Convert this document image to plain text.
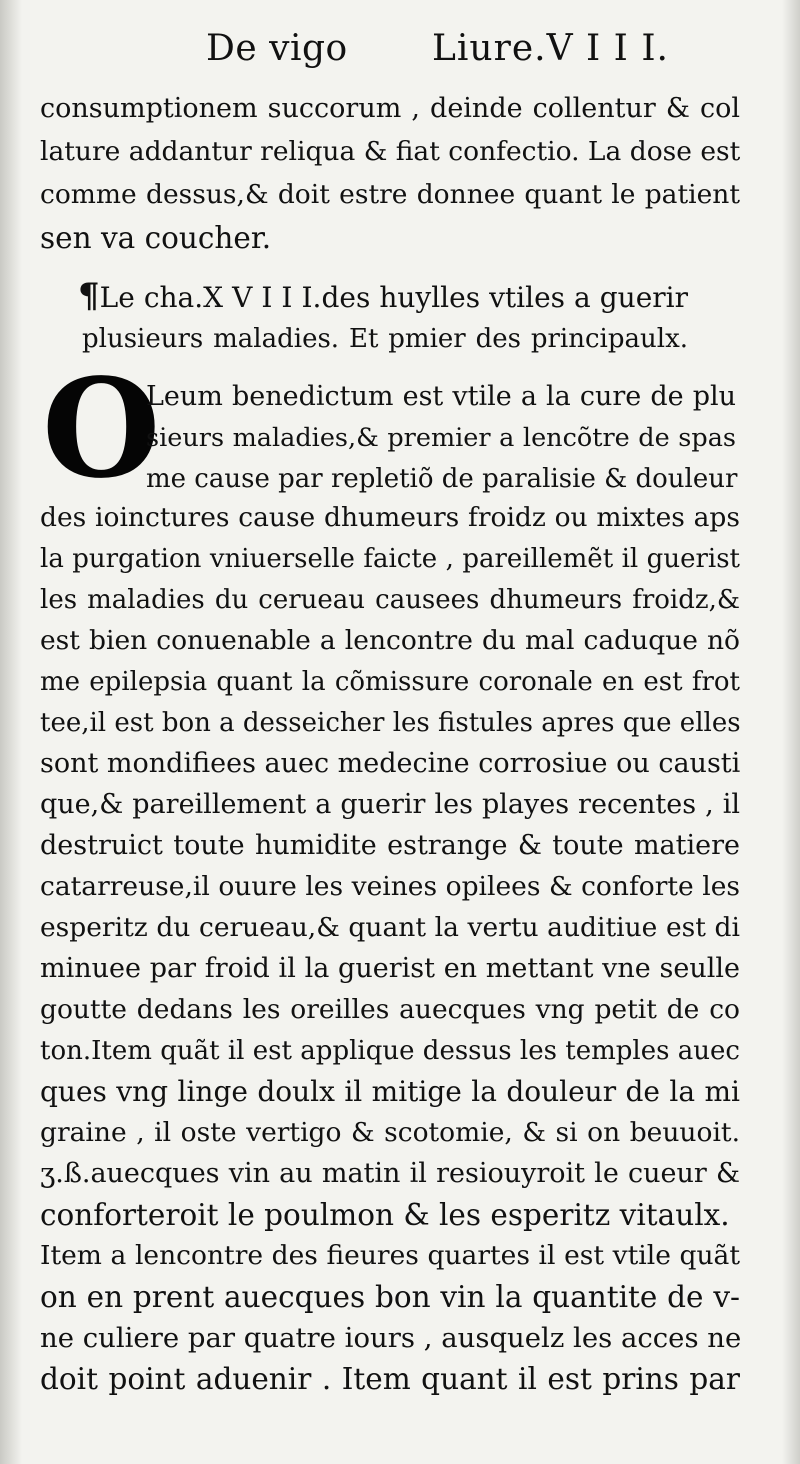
De vigo Liure.V I I I.
consumptionem succorum , deinde collentur & col
lature addantur reliqua & fiat confectio. La dose est
comme dessus,& doit estre donnee quant le patient
sen va coucher.
¶Le cha.X V I I I.des huylles vtiles a guerir
plusieurs maladies. Et pmier des principaulx.
O
Leum benedictum est vtile a la cure de plu
sieurs maladies,& premier a lencõtre de spas
me cause par repletiõ de paralisie & douleur
des ioinctures cause dhumeurs froidz ou mixtes aps
la purgation vniuerselle faicte , pareillemẽt il guerist
les maladies du cerueau causees dhumeurs froidz,&
est bien conuenable a lencontre du mal caduque nõ
me epilepsia quant la cõmissure coronale en est frot
tee,il est bon a desseicher les fistules apres que elles
sont mondifiees auec medecine corrosiue ou causti
que,& pareillement a guerir les playes recentes , il
destruict toute humidite estrange & toute matiere
catarreuse,il ouure les veines opilees & conforte les
esperitz du cerueau,& quant la vertu auditiue est di
minuee par froid il la guerist en mettant vne seulle
goutte dedans les oreilles auecques vng petit de co
ton.Item quãt il est applique dessus les temples auec
ques vng linge doulx il mitige la douleur de la mi
graine , il oste vertigo & scotomie, & si on beuuoit.
ʒ.ß.auecques vin au matin il resiouyroit le cueur &
conforteroit le poulmon & les esperitz vitaulx.
Item a lencontre des fieures quartes il est vtile quãt
on en prent auecques bon vin la quantite de v-
ne culiere par quatre iours , ausquelz les acces ne
doit point aduenir . Item quant il est prins par
